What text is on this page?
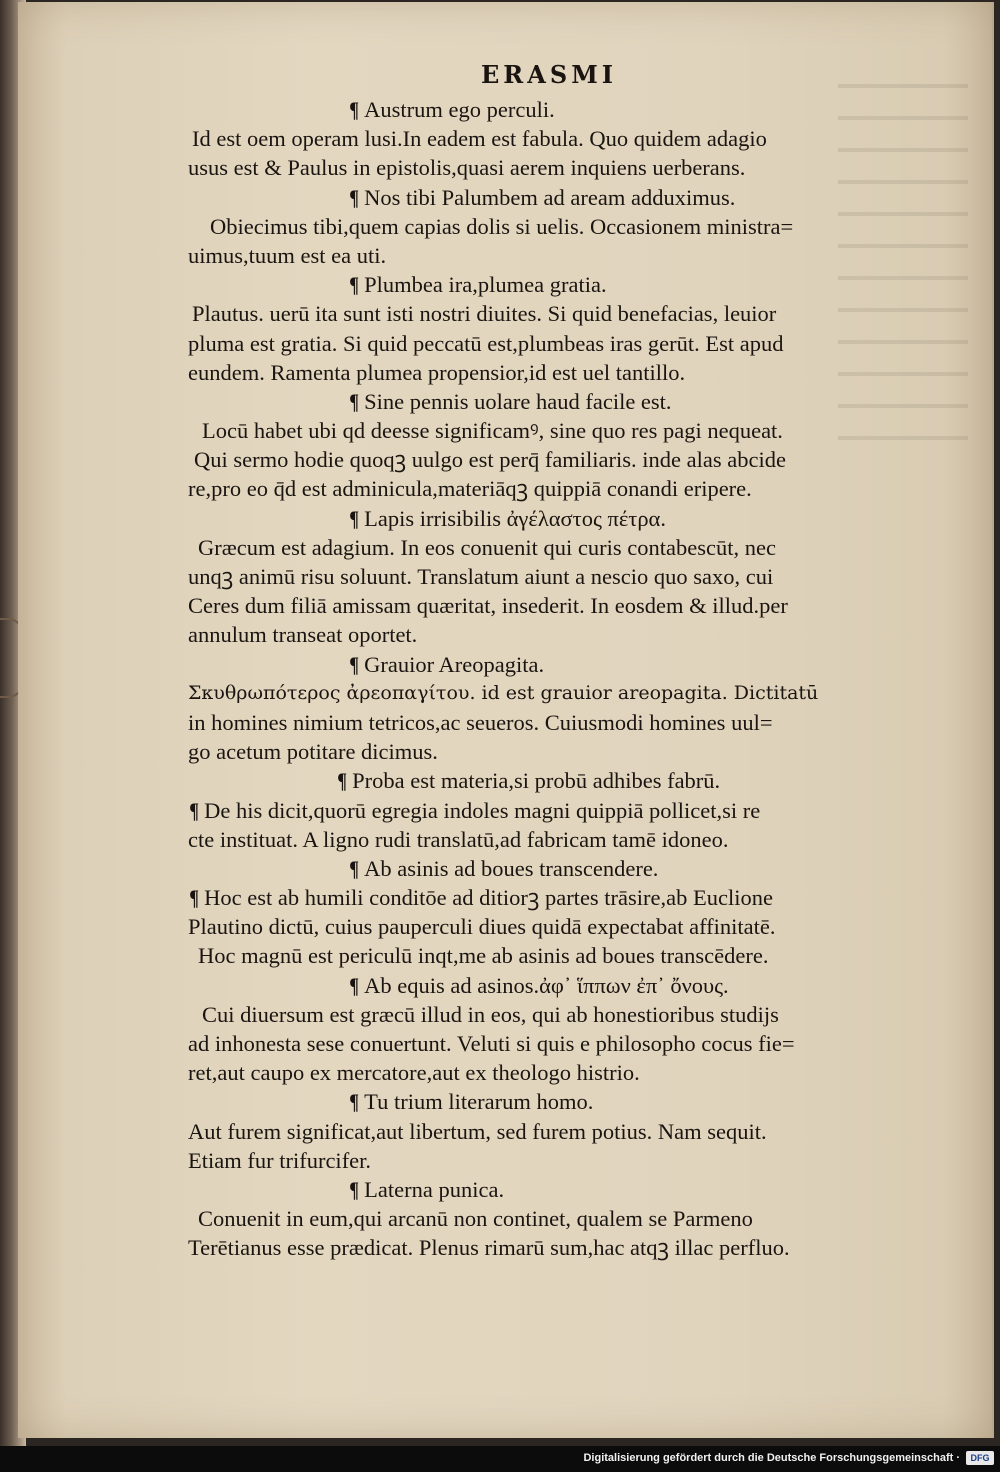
ERASMI
¶ Austrum ego perculi.
Id est oem operam lusi.In eadem est fabula. Quo quidem adagio
usus est & Paulus in epistolis,quasi aerem inquiens uerberans.
¶ Nos tibi Palumbem ad aream adduximus.
Obiecimus tibi,quem capias dolis si uelis. Occasionem ministra=
uimus,tuum est ea uti.
¶ Plumbea ira,plumea gratia.
Plautus. uerū ita sunt isti nostri diuites. Si quid benefacias, leuior
pluma est gratia. Si quid peccatū est,plumbeas iras gerūt. Est apud
eundem. Ramenta plumea propensior,id est uel tantillo.
¶ Sine pennis uolare haud facile est.
Locū habet ubi qd deesse significamꝰ, sine quo res pagi nequeat.
Qui sermo hodie quoqꝫ uulgo est perq̄ familiaris. inde alas abcide
re,pro eo q̄d est adminicula,materiāqꝫ quippiā conandi eripere.
¶ Lapis irrisibilis ἀγέλαστος πέτρα.
Græcum est adagium. In eos conuenit qui curis contabescūt, nec
unqꝫ animū risu soluunt. Translatum aiunt a nescio quo saxo, cui
Ceres dum filiā amissam quæritat, insederit. In eosdem & illud.per
annulum transeat oportet.
¶ Grauior Areopagita.
Σκυθρωπότερος ἀρεοπαγίτου. id est grauior areopagita. Dictitatū
in homines nimium tetricos,ac seueros. Cuiusmodi homines uul=
go acetum potitare dicimus.
¶ Proba est materia,si probū adhibes fabrū.
¶ De his dicit,quorū egregia indoles magni quippiā pollicet,si re
cte instituat. A ligno rudi translatū,ad fabricam tamē idoneo.
¶ Ab asinis ad boues transcendere.
¶ Hoc est ab humili conditōe ad ditiorꝫ partes trāsire,ab Euclione
Plautino dictū, cuius pauperculi diues quidā expectabat affinitatē.
Hoc magnū est periculū inqt,me ab asinis ad boues transcēdere.
¶ Ab equis ad asinos.ἀφ᾽ ἵππων ἐπ᾽ ὄνους.
Cui diuersum est græcū illud in eos, qui ab honestioribus studijs
ad inhonesta sese conuertunt. Veluti si quis e philosopho cocus fie=
ret,aut caupo ex mercatore,aut ex theologo histrio.
¶ Tu trium literarum homo.
Aut furem significat,aut libertum, sed furem potius. Nam sequit.
Etiam fur trifurcifer.
¶ Laterna punica.
Conuenit in eum,qui arcanū non continet, qualem se Parmeno
Terētianus esse prædicat. Plenus rimarū sum,hac atqꝫ illac perfluo.

Digitalisierung gefördert durch die Deutsche Forschungsgemeinschaft ·	DFG
